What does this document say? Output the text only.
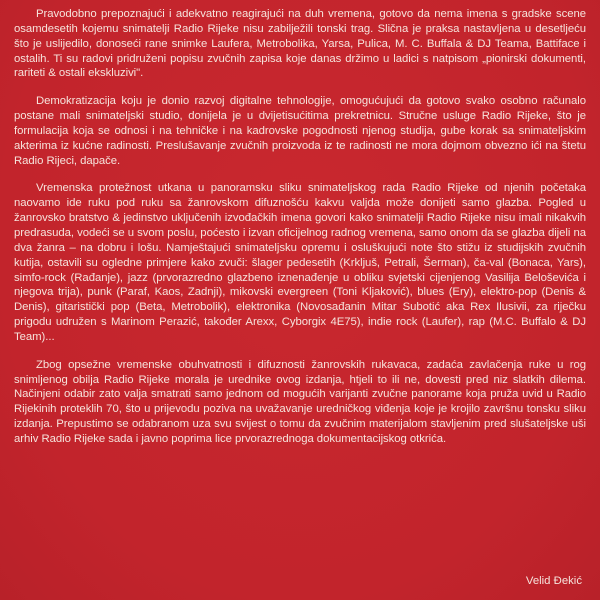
Pravodobno prepoznajući i adekvatno reagirajući na duh vremena, gotovo da nema imena s gradske scene osamdesetih kojemu snimatelji Radio Rijeke nisu zabilježili tonski trag. Slična je praksa nastavljena u desetljeću što je uslijedilo, donoseći rane snimke Laufera, Metrobolika, Yarsa, Pulica, M. C. Buffala & DJ Teama, Battiface i ostalih. Ti su radovi pridruženi popisu zvučnih zapisa koje danas držimo u ladici s natpisom „pionirski dokumenti, rariteti & ostali ekskluzivi".

Demokratizacija koju je donio razvoj digitalne tehnologije, omogućujući da gotovo svako osobno računalo postane mali snimateljski studio, donijela je u dvijetisućitima prekretnicu. Stručne usluge Radio Rijeke, što je formulacija koja se odnosi i na tehničke i na kadrovske pogodnosti njenog studija, gube korak sa snimateljskim akterima iz kućne radinosti. Preslušavanje zvučnih proizvoda iz te radinosti ne mora dojmom obvezno ići na štetu Radio Rijeci, dapače.

Vremenska protežnost utkana u panoramsku sliku snimateljskog rada Radio Rijeke od njenih početaka naovamo ide ruku pod ruku sa žanrovskom difuznošću kakvu valjda može donijeti samo glazba. Pogled u žanrovsko bratstvo & jedinstvo uključenih izvođačkih imena govori kako snimatelji Radio Rijeke nisu imali nikakvih predrasuda, vodeći se u svom poslu, poćesto i izvan oficijelnog radnog vremena, samo onom da se glazba dijeli na dva žanra – na dobru i lošu. Namještajući snimateljsku opremu i osluškujući note što stižu iz studijskih zvučnih kutija, ostavili su ogledne primjere kako zvuči: šlager pedesetih (Krkljuš, Petrali, Šerman), ča-val (Bonaca, Yars), simfo-rock (Rađanje), jazz (prvorazredno glazbeno iznenađenje u obliku svjetski cijenjenog Vasilija Beloševića i njegova trija), punk (Paraf, Kaos, Zadnji), mikovski evergreen (Toni Kljaković), blues (Ery), elektro-pop (Denis & Denis), gitaristički pop (Beta, Metrobolik), elektronika (Novosađanin Mitar Subotić aka Rex Ilusivii, za riječku prigodu udružen s Marinom Perazić, također Arexx, Cyborgix 4E75), indie rock (Laufer), rap (M.C. Buffalo & DJ Team)...

Zbog opsežne vremenske obuhvatnosti i difuznosti žanrovskih rukavaca, zadaća zavlačenja ruke u rog snimljenog obilja Radio Rijeke morala je urednike ovog izdanja, htjeli to ili ne, dovesti pred niz slatkih dilema. Načinjeni odabir zato valja smatrati samo jednom od mogućih varijanti zvučne panorame koja pruža uvid u Radio Rijekinih proteklih 70, što u prijevodu poziva na uvažavanje uredničkog viđenja koje je krojilo završnu tonsku sliku izdanja. Prepustimo se odabranom uza svu svijest o tomu da zvučnim materijalom stavljenim pred slušateljske uši arhiv Radio Rijeke sada i javno poprima lice prvorazrednoga dokumentacijskog otkrića.

Velid Đekić
